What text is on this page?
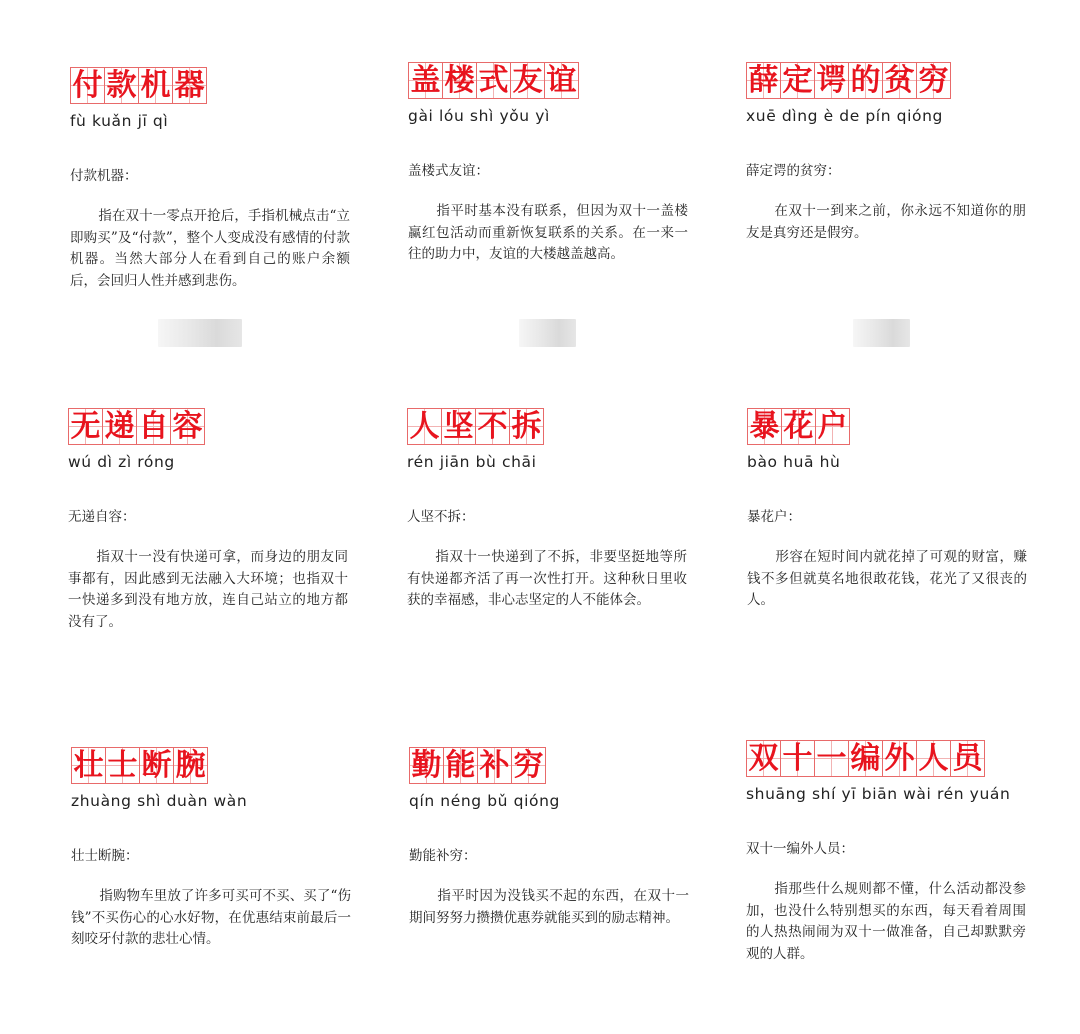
付 款 机 器
fù kuǎn jī qì
付款机器：
指在双十一零点开抢后，手指机械点击“立即购买”及“付款”，整个人变成没有感情的付款机器。当然大部分人在看到自己的账户余额后，会回归人性并感到悲伤。
盖 楼 式 友 谊
gài lóu shì yǒu yì
盖楼式友谊：
指平时基本没有联系，但因为双十一盖楼赢红包活动而重新恢复联系的关系。在一来一往的助力中，友谊的大楼越盖越高。
薛 定 谔 的 贫 穷
xuē dìng è de pín qióng
薛定谔的贫穷：
在双十一到来之前，你永远不知道你的朋友是真穷还是假穷。
无 递 自 容
wú dì zì róng
无递自容：
指双十一没有快递可拿，而身边的朋友同事都有，因此感到无法融入大环境；也指双十一快递多到没有地方放，连自己站立的地方都没有了。
人 坚 不 拆
rén jiān bù chāi
人坚不拆：
指双十一快递到了不拆，非要坚挺地等所有快递都齐活了再一次性打开。这种秋日里收获的幸福感，非心志坚定的人不能体会。
暴 花 户
bào huā hù
暴花户：
形容在短时间内就花掉了可观的财富，赚钱不多但就莫名地很敢花钱，花光了又很丧的人。
壮 士 断 腕
zhuàng shì duàn wàn
壮士断腕：
指购物车里放了许多可买可不买、买了“伤钱”不买伤心的心水好物，在优惠结束前最后一刻咬牙付款的悲壮心情。
勤 能 补 穷
qín néng bǔ qióng
勤能补穷：
指平时因为没钱买不起的东西，在双十一期间努努力攒攒优惠券就能买到的励志精神。
双 十 一 编 外 人 员
shuāng shí yī biān wài rén yuán
双十一编外人员：
指那些什么规则都不懂，什么活动都没参加，也没什么特别想买的东西，每天看着周围的人热热闹闹为双十一做准备，自己却默默旁观的人群。
